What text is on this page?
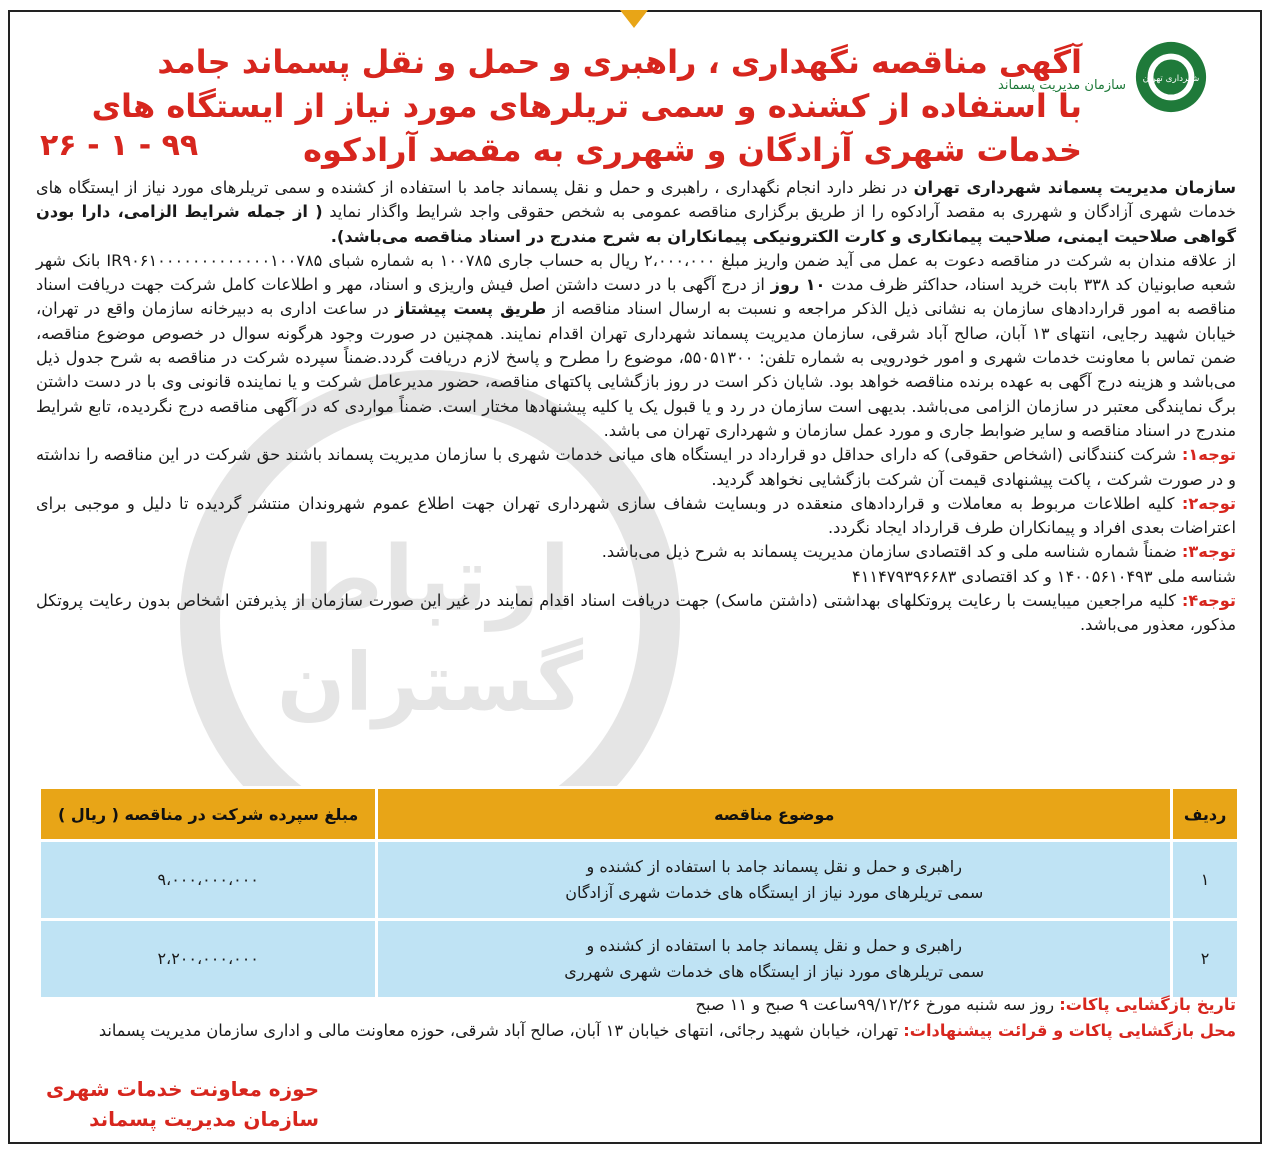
ارتباط
گستران
شهرداری تهران
سازمان مدیریت پسماند
آگهی مناقصه نگهداری ، راهبری و حمل و نقل پسماند جامد
با استفاده از کشنده و سمی تریلرهای مورد نیاز از ایستگاه های
خدمات شهری آزادگان و شهرری به مقصد آرادکوه
۲۶ - ۱ - ۹۹

سازمان مدیریت پسماند شهرداری تهران در نظر دارد انجام نگهداری ، راهبری و حمل و نقل پسماند جامد با استفاده از کشنده و سمی تریلرهای مورد نیاز از ایستگاه های خدمات شهری آزادگان و شهرری به مقصد آرادکوه را از طریق برگزاری مناقصه عمومی به شخص حقوقی واجد شرایط واگذار نماید ( از جمله شرایط الزامی، دارا بودن گواهی صلاحیت ایمنی، صلاحیت پیمانکاری و کارت الکترونیکی پیمانکاران به شرح مندرج در اسناد مناقصه می‌باشد).

از علاقه مندان به شرکت در مناقصه دعوت به عمل می آید ضمن واریز مبلغ ۲،۰۰۰،۰۰۰ ریال به حساب جاری ۱۰۰۷۸۵ به شماره شبای IR۹۰۶۱۰۰۰۰۰۰۰۰۰۰۰۰۰۱۰۰۷۸۵ بانک شهر شعبه صابونیان کد ۳۳۸ بابت خرید اسناد، حداکثر ظرف مدت ۱۰ روز از درج آگهی با در دست داشتن اصل فیش واریزی و اسناد، مهر و اطلاعات کامل شرکت جهت دریافت اسناد مناقصه به امور قراردادهای سازمان به نشانی ذیل الذکر مراجعه و نسبت به ارسال اسناد مناقصه از طریق پست پیشتاز در ساعت اداری به دبیرخانه سازمان واقع در تهران، خیابان شهید رجایی، انتهای ۱۳ آبان، صالح آباد شرقی، سازمان مدیریت پسماند شهرداری تهران اقدام نمایند. همچنین در صورت وجود هرگونه سوال در خصوص موضوع مناقصه، ضمن تماس با معاونت خدمات شهری و امور خودرویی به شماره تلفن: ۵۵۰۵۱۳۰۰، موضوع را مطرح و پاسخ لازم دریافت گردد.ضمناً سپرده شرکت در مناقصه به شرح جدول ذیل می‌باشد و هزینه درج آگهی به عهده برنده مناقصه خواهد بود. شایان ذکر است در روز بازگشایی پاکتهای مناقصه، حضور مدیرعامل شرکت و یا نماینده قانونی وی با در دست داشتن برگ نمایندگی معتبر در سازمان الزامی می‌باشد. بدیهی است سازمان در رد و یا قبول یک یا کلیه پیشنهادها مختار است. ضمناً مواردی که در آگهی مناقصه درج نگردیده، تابع شرایط مندرج در اسناد مناقصه و سایر ضوابط جاری و مورد عمل سازمان و شهرداری تهران می باشد.

توجه۱: شرکت کنندگانی (اشخاص حقوقی) که دارای حداقل دو قرارداد در ایستگاه های میانی خدمات شهری با سازمان مدیریت پسماند باشند حق شرکت در این مناقصه را نداشته و در صورت شرکت ، پاکت پیشنهادی قیمت آن شرکت بازگشایی نخواهد گردید.

توجه۲: کلیه اطلاعات مربوط به معاملات و قراردادهای منعقده در وبسایت شفاف سازی شهرداری تهران جهت اطلاع عموم شهروندان منتشر گردیده تا دلیل و موجبی برای اعتراضات بعدی افراد و پیمانکاران طرف قرارداد ایجاد نگردد.

توجه۳: ضمناً شماره شناسه ملی و کد اقتصادی سازمان مدیریت پسماند به شرح ذیل می‌باشد.
شناسه ملی ۱۴۰۰۵۶۱۰۴۹۳ و کد اقتصادی ۴۱۱۴۷۹۳۹۶۶۸۳

توجه۴: کلیه مراجعین میبایست با رعایت پروتکلهای بهداشتی (داشتن ماسک) جهت دریافت اسناد اقدام نمایند در غیر این صورت سازمان از پذیرفتن اشخاص بدون رعایت پروتکل مذکور، معذور می‌باشد.

ردیف	موضوع مناقصه	مبلغ سپرده شرکت در مناقصه ( ریال )
۱	راهبری و حمل و نقل پسماند جامد با استفاده از کشنده و
سمی تریلرهای مورد نیاز از ایستگاه های خدمات شهری آزادگان	۹،۰۰۰،۰۰۰،۰۰۰
۲	راهبری و حمل و نقل پسماند جامد با استفاده از کشنده و
سمی تریلرهای مورد نیاز از ایستگاه های خدمات شهری شهرری	۲،۲۰۰،۰۰۰،۰۰۰
تاریخ بازگشایی پاکات: روز سه شنبه مورخ ۹۹/۱۲/۲۶ساعت ۹ صبح و ۱۱ صبح
محل بازگشایی پاکات و قرائت پیشنهادات: تهران، خیابان شهید رجائی، انتهای خیابان ۱۳ آبان، صالح آباد شرقی، حوزه معاونت مالی و اداری سازمان مدیریت پسماند
حوزه معاونت خدمات شهری
سازمان مدیریت پسماند
